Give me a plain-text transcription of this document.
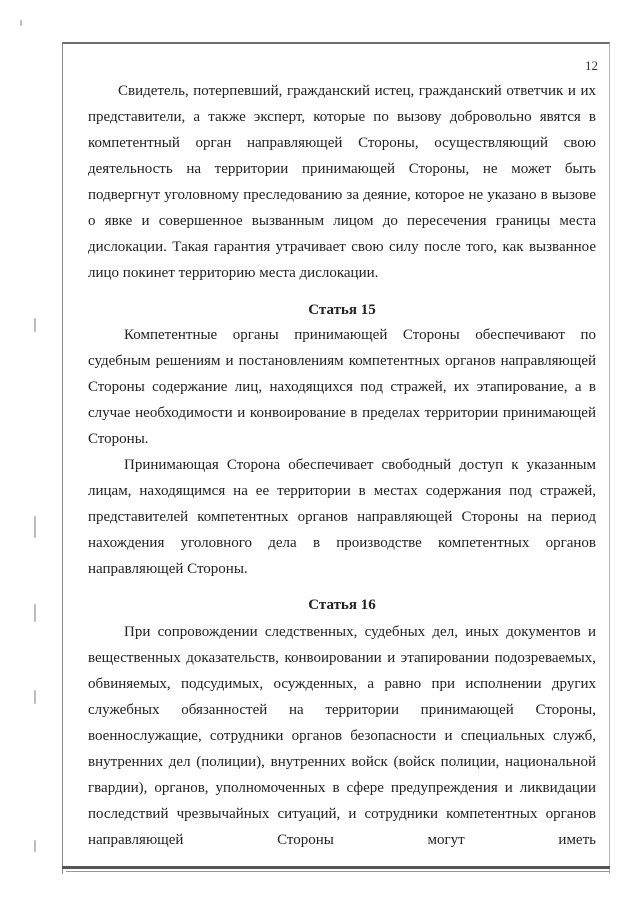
12

Свидетель, потерпевший, гражданский истец, гражданский ответчик и их представители, а также эксперт, которые по вызову добровольно явятся в компетентный орган направляющей Стороны, осуществляющий свою деятельность на территории принимающей Стороны, не может быть подвергнут уголовному преследованию за деяние, которое не указано в вызове о явке и совершенное вызванным лицом до пересечения границы места дислокации. Такая гарантия утрачивает свою силу после того, как вызванное лицо покинет территорию места дислокации.

Статья 15

Компетентные органы принимающей Стороны обеспечивают по судебным решениям и постановлениям компетентных органов направляющей Стороны содержание лиц, находящихся под стражей, их этапирование, а в случае необходимости и конвоирование в пределах территории принимающей Стороны.

Принимающая Сторона обеспечивает свободный доступ к указанным лицам, находящимся на ее территории в местах содержания под стражей, представителей компетентных органов направляющей Стороны на период нахождения уголовного дела в производстве компетентных органов направляющей Стороны.

Статья 16

При сопровождении следственных, судебных дел, иных документов и вещественных доказательств, конвоировании и этапировании подозреваемых, обвиняемых, подсудимых, осужденных, а равно при исполнении других служебных обязанностей на территории принимающей Стороны, военнослужащие, сотрудники органов безопасности и специальных служб, внутренних дел (полиции), внутренних войск (войск полиции, национальной гвардии), органов, уполномоченных в сфере предупреждения и ликвидации последствий чрезвычайных ситуаций, и сотрудники компетентных органов направляющей Стороны могут иметь
